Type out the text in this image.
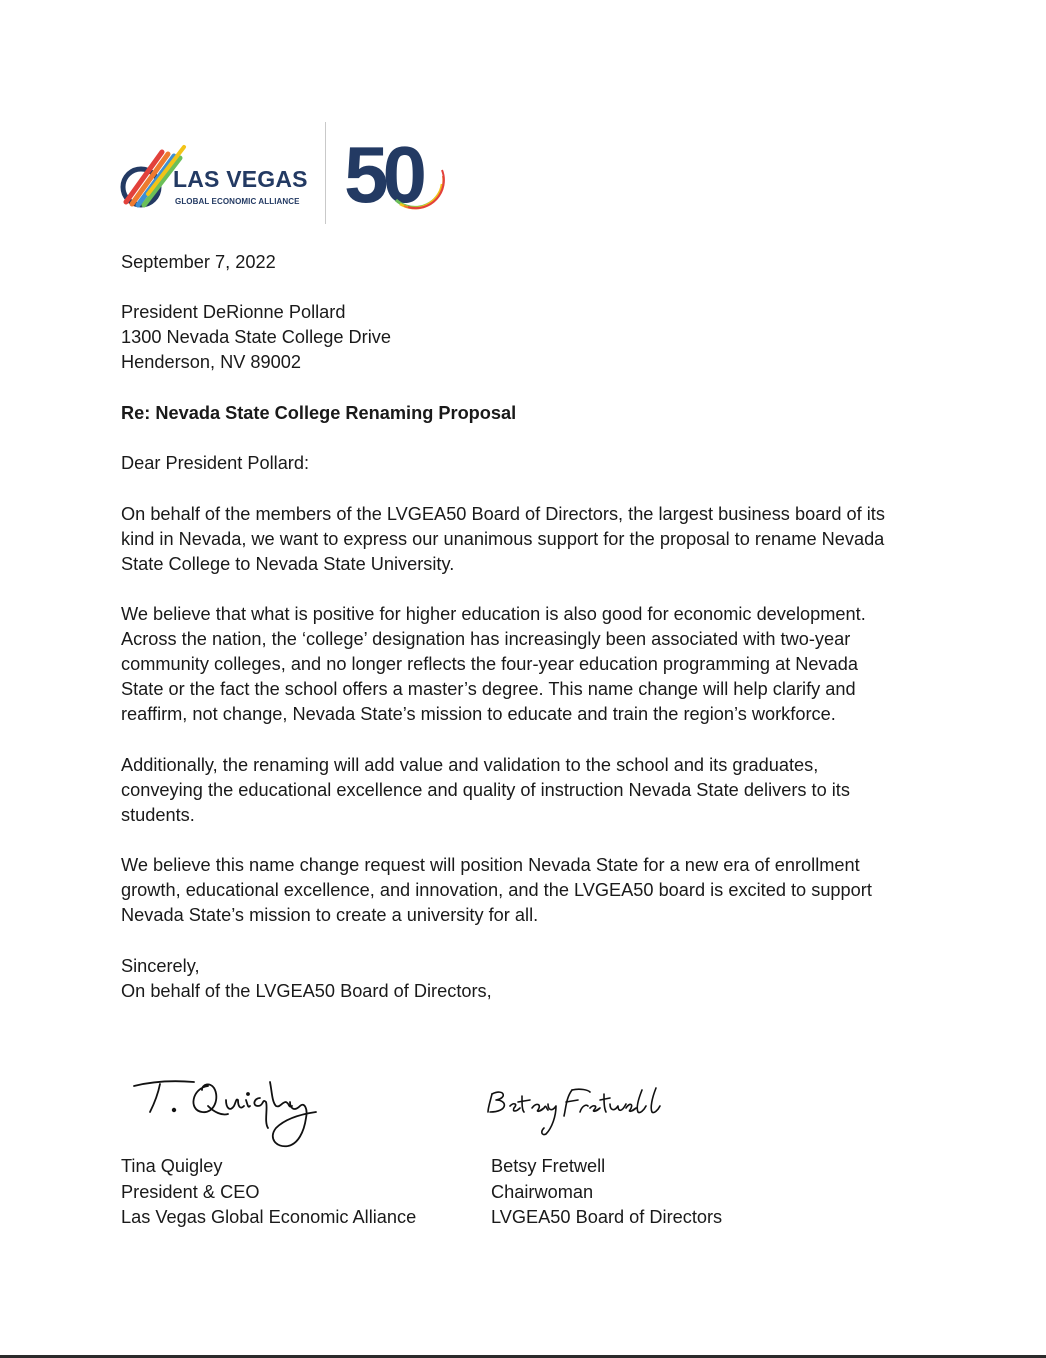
LAS VEGAS
GLOBAL ECONOMIC ALLIANCE 50
September 7, 2022
President DeRionne Pollard
1300 Nevada State College Drive
Henderson, NV 89002
Re: Nevada State College Renaming Proposal
Dear President Pollard:
On behalf of the members of the LVGEA50 Board of Directors, the largest business board of its
kind in Nevada, we want to express our unanimous support for the proposal to rename Nevada
State College to Nevada State University.
We believe that what is positive for higher education is also good for economic development.
Across the nation, the ‘college’ designation has increasingly been associated with two-year
community colleges, and no longer reflects the four-year education programming at Nevada
State or the fact the school offers a master’s degree. This name change will help clarify and
reaffirm, not change, Nevada State’s mission to educate and train the region’s workforce.
Additionally, the renaming will add value and validation to the school and its graduates,
conveying the educational excellence and quality of instruction Nevada State delivers to its
students.
We believe this name change request will position Nevada State for a new era of enrollment
growth, educational excellence, and innovation, and the LVGEA50 board is excited to support
Nevada State’s mission to create a university for all.
Sincerely,
On behalf of the LVGEA50 Board of Directors,
Tina Quigley
President & CEO
Las Vegas Global Economic Alliance
Betsy Fretwell
Chairwoman
LVGEA50 Board of Directors
